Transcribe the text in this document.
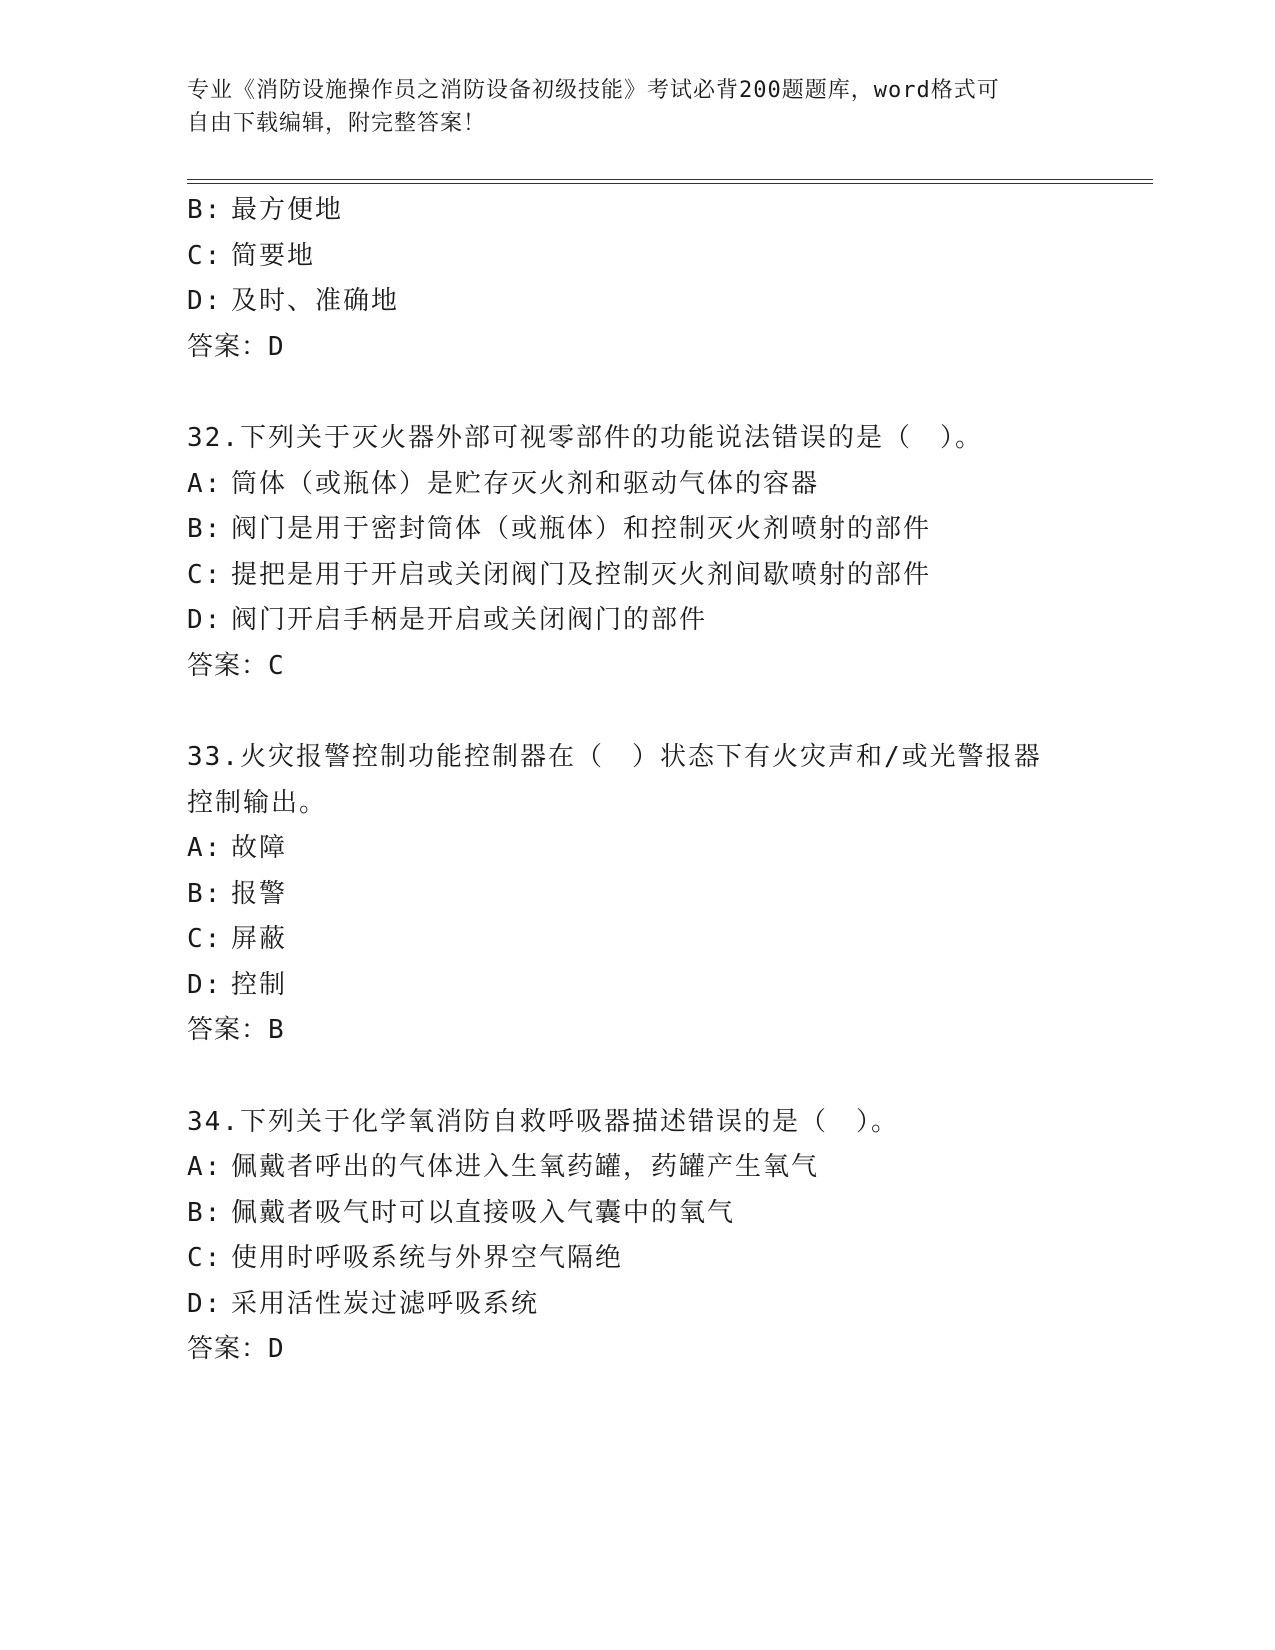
专业《消防设施操作员之消防设备初级技能》考试必背200题题库，word格式可
自由下载编辑，附完整答案！
B: 最方便地
C: 简要地
D: 及时、准确地
答案：D
32.下列关于灭火器外部可视零部件的功能说法错误的是（　）。
A: 筒体（或瓶体）是贮存灭火剂和驱动气体的容器
B: 阀门是用于密封筒体（或瓶体）和控制灭火剂喷射的部件
C: 提把是用于开启或关闭阀门及控制灭火剂间歇喷射的部件
D: 阀门开启手柄是开启或关闭阀门的部件
答案：C
33.火灾报警控制功能控制器在（　）状态下有火灾声和/或光警报器
控制输出。
A: 故障
B: 报警
C: 屏蔽
D: 控制
答案：B
34.下列关于化学氧消防自救呼吸器描述错误的是（　）。
A: 佩戴者呼出的气体进入生氧药罐，药罐产生氧气
B: 佩戴者吸气时可以直接吸入气囊中的氧气
C: 使用时呼吸系统与外界空气隔绝
D: 采用活性炭过滤呼吸系统
答案：D
